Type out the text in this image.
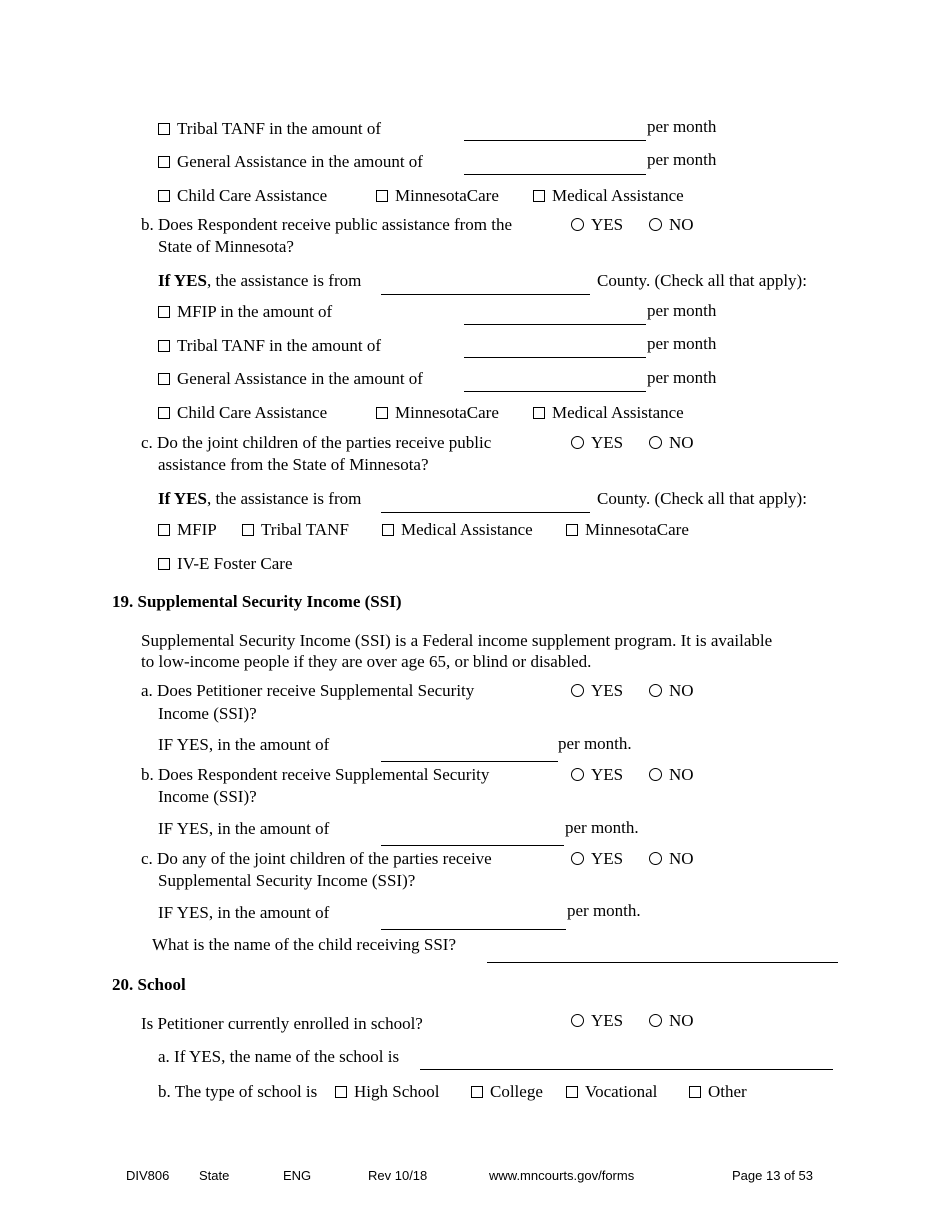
Tribal TANF in the amount of	per month
General Assistance in the amount of	per month
Child Care Assistance	MinnesotaCare	Medical Assistance
b. Does Respondent receive public assistance from the
State of Minnesota?
YES	NO
If YES, the assistance is from	County. (Check all that apply):
MFIP in the amount of	per month
Tribal TANF in the amount of	per month
General Assistance in the amount of	per month
Child Care Assistance	MinnesotaCare	Medical Assistance
c. Do the joint children of the parties receive public
assistance from the State of Minnesota?
YES	NO
If YES, the assistance is from	County. (Check all that apply):
MFIP	Tribal TANF	Medical Assistance	MinnesotaCare
IV-E Foster Care
19. Supplemental Security Income (SSI)
Supplemental Security Income (SSI) is a Federal income supplement program. It is available
to low-income people if they are over age 65, or blind or disabled.
a. Does Petitioner receive Supplemental Security
Income (SSI)?
YES	NO
IF YES, in the amount of	per month.
b. Does Respondent receive Supplemental Security
Income (SSI)?
YES	NO
IF YES, in the amount of	per month.
c. Do any of the joint children of the parties receive
Supplemental Security Income (SSI)?
YES	NO
IF YES, in the amount of	per month.
What is the name of the child receiving SSI?
20. School
Is Petitioner currently enrolled in school?	YES	NO
a. If YES, the name of the school is
b. The type of school is	High School	College	Vocational	Other
DIV806 State	ENG	Rev 10/18	www.mncourts.gov/forms	Page 13 of 53
